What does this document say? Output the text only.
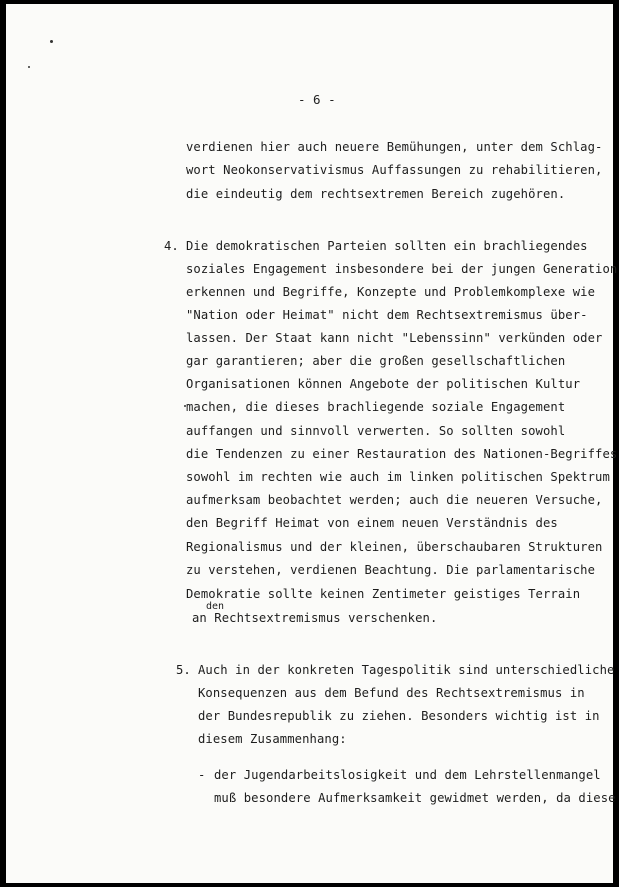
- 6 -
verdienen hier auch neuere Bemühungen, unter dem Schlag-
wort Neokonservativismus Auffassungen zu rehabilitieren,
die eindeutig dem rechtsextremen Bereich zugehören.
4. Die demokratischen Parteien sollten ein brachliegendes
soziales Engagement insbesondere bei der jungen Generation
erkennen und Begriffe, Konzepte und Problemkomplexe wie
"Nation oder Heimat" nicht dem Rechtsextremismus über-
lassen. Der Staat kann nicht "Lebenssinn" verkünden oder
gar garantieren; aber die großen gesellschaftlichen
Organisationen können Angebote der politischen Kultur
machen, die dieses brachliegende soziale Engagement
auffangen und sinnvoll verwerten. So sollten sowohl
die Tendenzen zu einer Restauration des Nationen-Begriffes
sowohl im rechten wie auch im linken politischen Spektrum
aufmerksam beobachtet werden; auch die neueren Versuche,
den Begriff Heimat von einem neuen Verständnis des
Regionalismus und der kleinen, überschaubaren Strukturen
zu verstehen, verdienen Beachtung. Die parlamentarische
Demokratie sollte keinen Zentimeter geistiges Terrain
den
an Rechtsextremismus verschenken.
5. Auch in der konkreten Tagespolitik sind unterschiedliche
Konsequenzen aus dem Befund des Rechtsextremismus in
der Bundesrepublik zu ziehen. Besonders wichtig ist in
diesem Zusammenhang:
- der Jugendarbeitslosigkeit und dem Lehrstellenmangel
muß besondere Aufmerksamkeit gewidmet werden, da diese
